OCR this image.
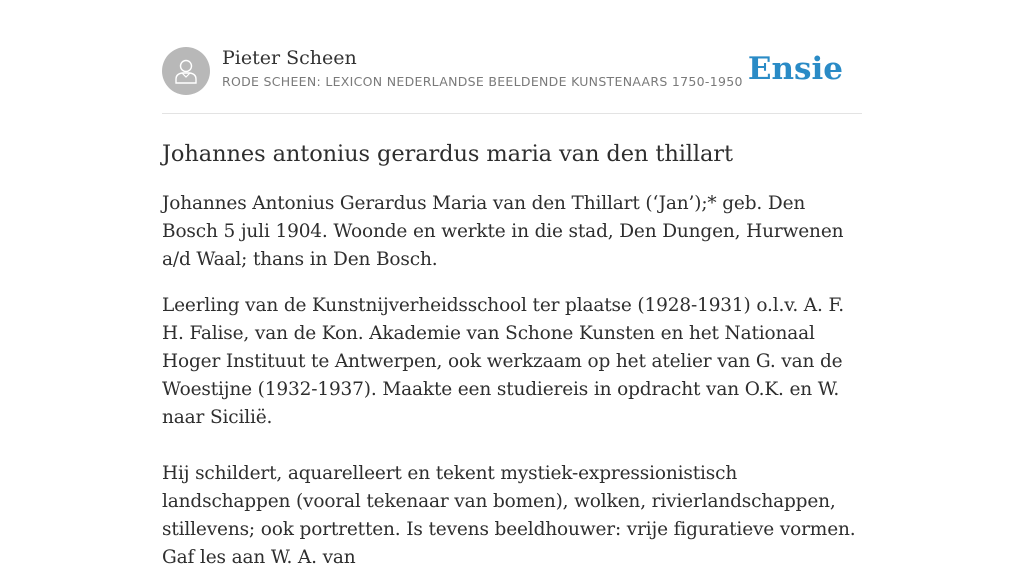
Pieter Scheen
RODE SCHEEN: LEXICON NEDERLANDSE BEELDENDE KUNSTENAARS 1750-1950 Ensie
Johannes antonius gerardus maria van den thillart

Johannes Antonius Gerardus Maria van den Thillart (‘Jan’);* geb. Den Bosch 5 juli 1904. Woonde en werkte in die stad, Den Dungen, Hurwenen a/d Waal; thans in Den Bosch.

Leerling van de Kunstnijverheidsschool ter plaatse (1928-1931) o.l.v. A. F. H. Falise, van de Kon. Akademie van Schone Kunsten en het Nationaal Hoger Instituut te Antwerpen, ook werkzaam op het atelier van G. van de Woestijne (1932-1937). Maakte een studiereis in opdracht van O.K. en W. naar Sicilië.

Hij schildert, aquarelleert en tekent mystiek-expressionistisch landschappen (vooral tekenaar van bomen), wolken, rivierlandschappen, stillevens; ook portretten. Is tevens beeldhouwer: vrije figuratieve vormen. Gaf les aan W. A. van
